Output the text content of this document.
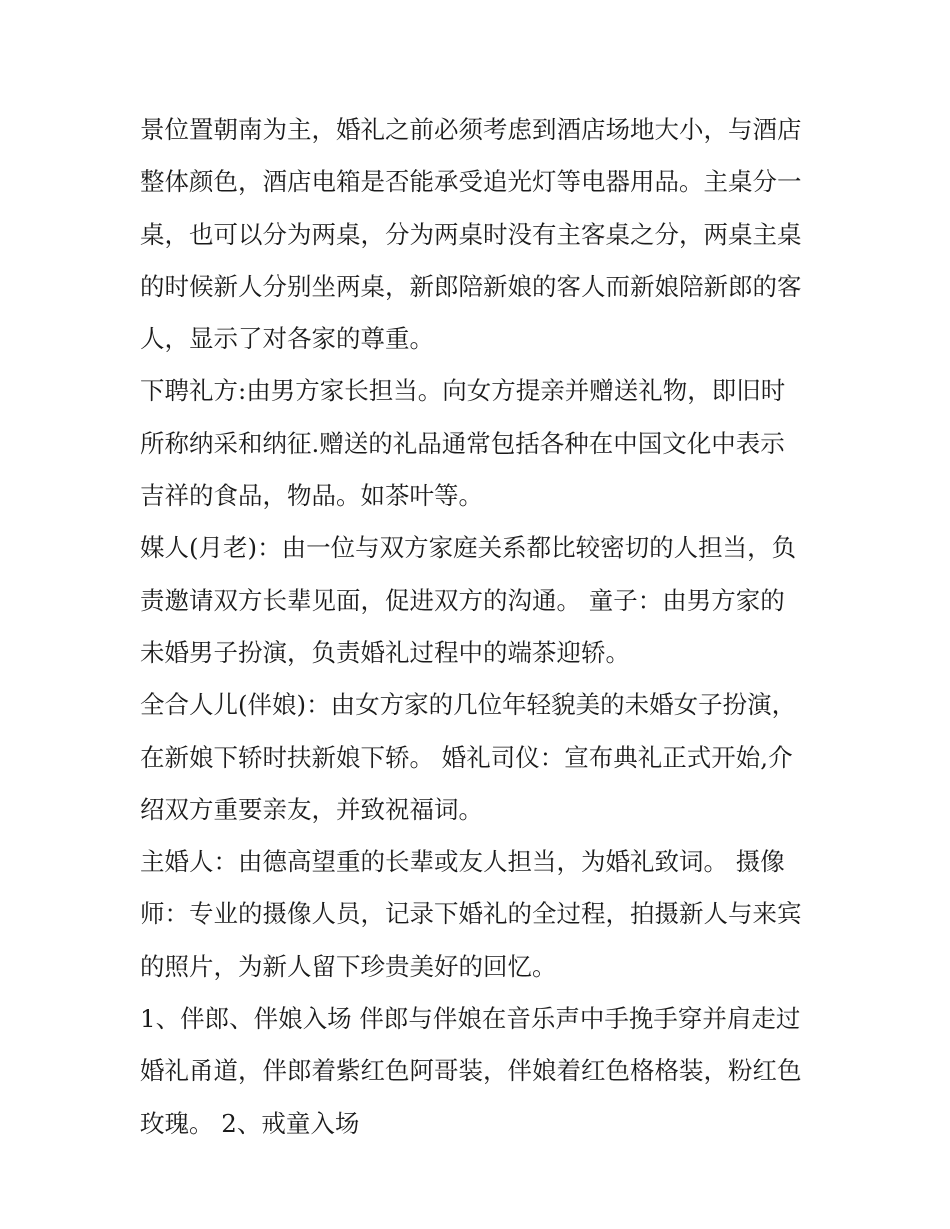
景位置朝南为主，婚礼之前必须考虑到酒店场地大小，与酒店
整体颜色，酒店电箱是否能承受追光灯等电器用品。主桌分一
桌，也可以分为两桌，分为两桌时没有主客桌之分，两桌主桌
的时候新人分别坐两桌，新郎陪新娘的客人而新娘陪新郎的客
人，显示了对各家的尊重。

下聘礼方:由男方家长担当。向女方提亲并赠送礼物，即旧时
所称纳采和纳征.赠送的礼品通常包括各种在中国文化中表示
吉祥的食品，物品。如茶叶等。

媒人(月老)：由一位与双方家庭关系都比较密切的人担当，负
责邀请双方长辈见面，促进双方的沟通。 童子：由男方家的
未婚男子扮演，负责婚礼过程中的端茶迎轿。

全合人儿(伴娘)：由女方家的几位年轻貌美的未婚女子扮演，
在新娘下轿时扶新娘下轿。 婚礼司仪：宣布典礼正式开始,介
绍双方重要亲友，并致祝福词。

主婚人：由德高望重的长辈或友人担当，为婚礼致词。 摄像
师：专业的摄像人员，记录下婚礼的全过程，拍摄新人与来宾
的照片，为新人留下珍贵美好的回忆。

1、伴郎、伴娘入场 伴郎与伴娘在音乐声中手挽手穿并肩走过
婚礼甬道，伴郎着紫红色阿哥装，伴娘着红色格格装，粉红色
玫瑰。 2、戒童入场
